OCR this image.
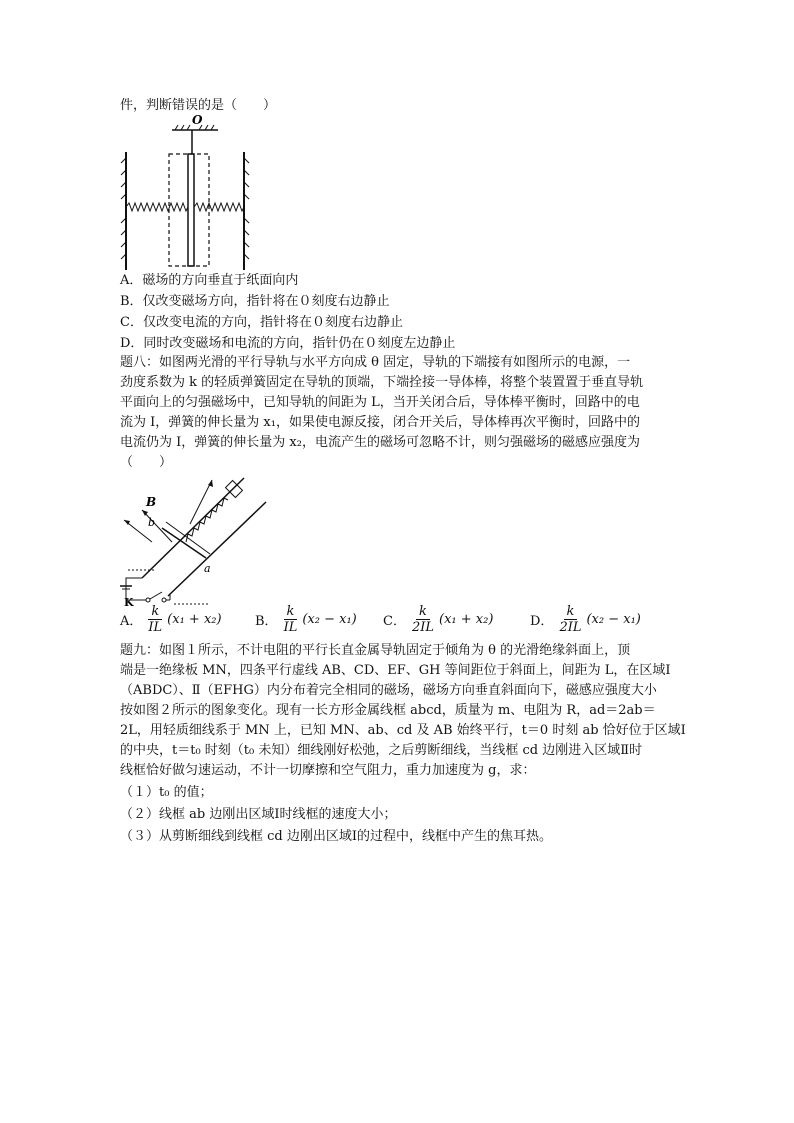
件，判断错误的是（　　）
O
A．磁场的方向垂直于纸面向内
B．仅改变磁场方向，指针将在０刻度右边静止
C．仅改变电流的方向，指针将在０刻度右边静止
D．同时改变磁场和电流的方向，指针仍在０刻度左边静止
题八：如图两光滑的平行导轨与水平方向成 θ 固定，导轨的下端接有如图所示的电源，一
劲度系数为 k 的轻质弹簧固定在导轨的顶端，下端拴接一导体棒，将整个装置置于垂直导轨
平面向上的匀强磁场中，已知导轨的间距为 L，当开关闭合后，导体棒平衡时，回路中的电
流为 I，弹簧的伸长量为 x₁，如果使电源反接，闭合开关后，导体棒再次平衡时，回路中的
电流仍为 I，弹簧的伸长量为 x₂，电流产生的磁场可忽略不计，则匀强磁场的磁感应强度为
（　　）
B
b
a
K
A． $\frac{k}{IL} (x_1 + x_2)$	B． $\frac{k}{IL} (x_2 - x_1)$ C． $\frac{k}{2IL} (x_1 + x_2)$	D． $\frac{k}{2IL} (x_2 - x_1)$
题九：如图１所示，不计电阻的平行长直金属导轨固定于倾角为 θ 的光滑绝缘斜面上，顶
端是一绝缘板 MN，四条平行虚线 AB、CD、EF、GH 等间距位于斜面上，间距为 L，在区域Ⅰ
（ABDC）、Ⅱ（EFHG）内分布着完全相同的磁场，磁场方向垂直斜面向下，磁感应强度大小
按如图２所示的图象变化。现有一长方形金属线框 abcd，质量为 m、电阻为 R，ad＝2ab＝
2L，用轻质细线系于 MN 上，已知 MN、ab、cd 及 AB 始终平行，t＝0 时刻 ab 恰好位于区域Ⅰ
的中央，t＝t₀ 时刻（t₀ 未知）细线刚好松弛，之后剪断细线，当线框 cd 边刚进入区域Ⅱ时
线框恰好做匀速运动，不计一切摩擦和空气阻力，重力加速度为 g，求：
（１）t₀ 的值；
（２）线框 ab 边刚出区域Ⅰ时线框的速度大小；
（３）从剪断细线到线框 cd 边刚出区域Ⅰ的过程中，线框中产生的焦耳热。
